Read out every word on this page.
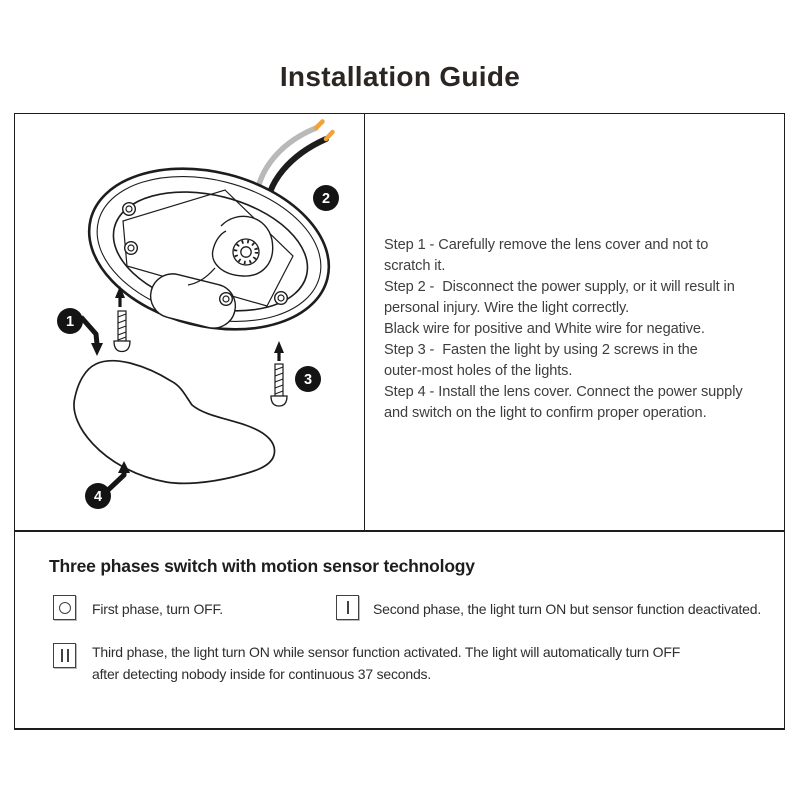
Installation Guide
1
2
3
4
Step 1 - Carefully remove the lens cover and not to
scratch it.
Step 2 -  Disconnect the power supply, or it will result in
personal injury. Wire the light correctly.
Black wire for positive and White wire for negative.
Step 3 -  Fasten the light by using 2 screws in the
outer-most holes of the lights.
Step 4 - Install the lens cover. Connect the power supply
and switch on the light to confirm proper operation.
Three phases switch with motion sensor technology
First phase, turn OFF.	Second phase, the light turn ON but sensor function deactivated.
Third phase, the light turn ON while sensor function activated. The light will automatically turn OFF
after detecting nobody inside for continuous 37 seconds.
